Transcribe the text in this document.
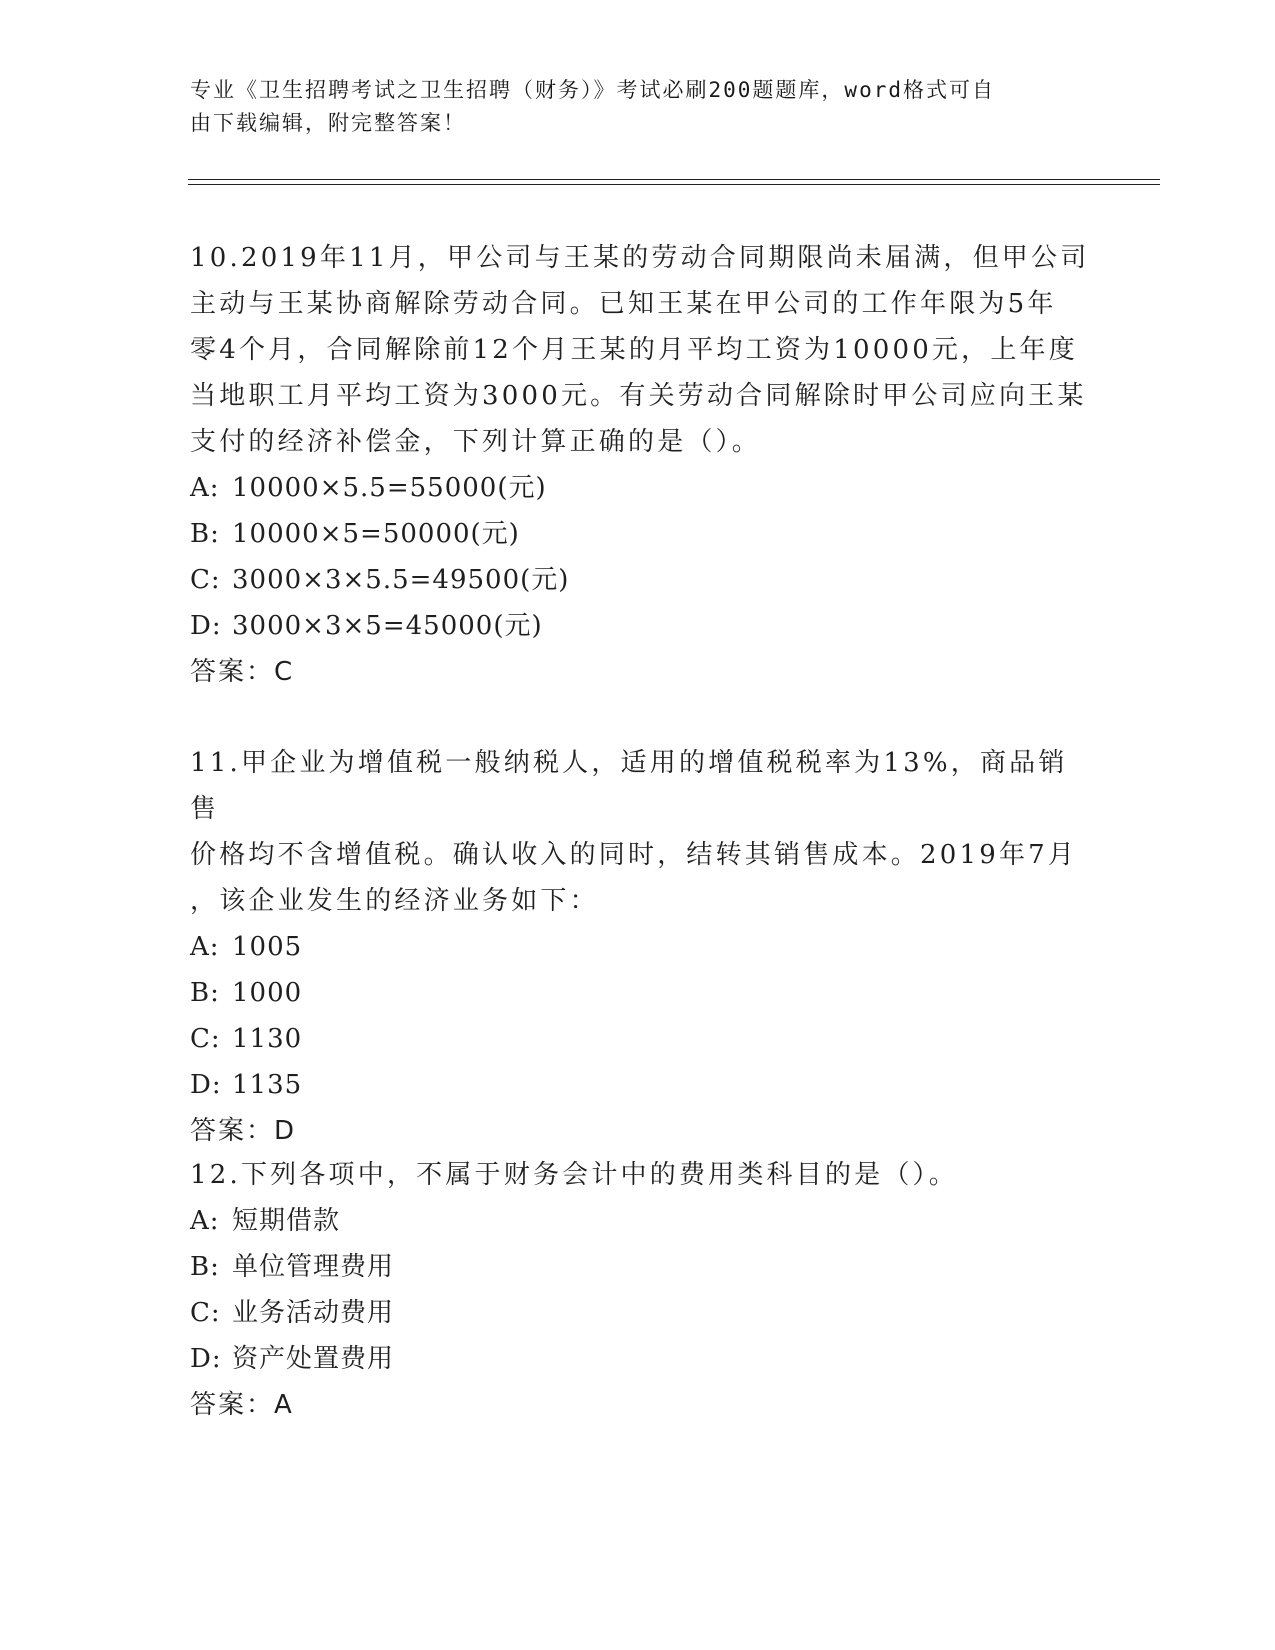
专业《卫生招聘考试之卫生招聘（财务）》考试必刷200题题库，word格式可自
由下载编辑，附完整答案！

10.2019年11月，甲公司与王某的劳动合同期限尚未届满，但甲公司

主动与王某协商解除劳动合同。已知王某在甲公司的工作年限为5年

零4个月，合同解除前12个月王某的月平均工资为10000元，上年度

当地职工月平均工资为3000元。有关劳动合同解除时甲公司应向王某

支付的经济补偿金，下列计算正确的是（）。

A: 10000×5.5=55000(元)

B: 10000×5=50000(元)

C: 3000×3×5.5=49500(元)

D: 3000×3×5=45000(元)

答案：C

11.甲企业为增值税一般纳税人，适用的增值税税率为13%，商品销售

价格均不含增值税。确认收入的同时，结转其销售成本。2019年7月

，该企业发生的经济业务如下：

A: 1005

B: 1000

C: 1130

D: 1135

答案：D

12.下列各项中，不属于财务会计中的费用类科目的是（）。

A: 短期借款

B: 单位管理费用

C: 业务活动费用

D: 资产处置费用

答案：A
